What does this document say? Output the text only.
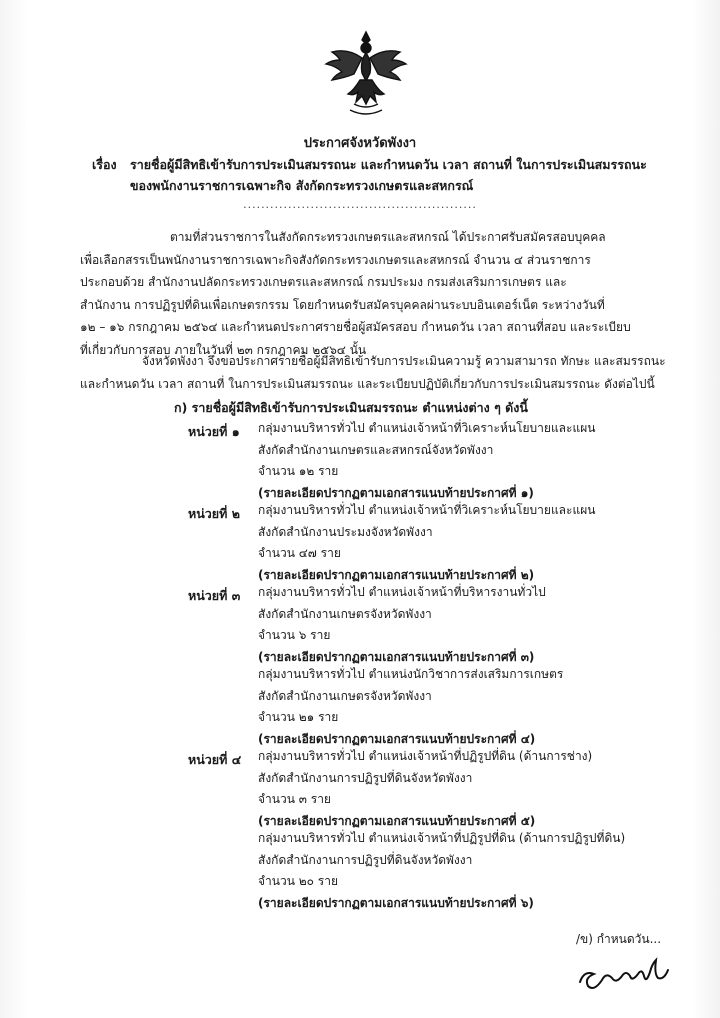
ประกาศจังหวัดพังงา
เรื่อง รายชื่อผู้มีสิทธิเข้ารับการประเมินสมรรถนะ และกำหนดวัน เวลา สถานที่ ในการประเมินสมรรถนะ
ของพนักงานราชการเฉพาะกิจ สังกัดกระทรวงเกษตรและสหกรณ์
....................................................
ตามที่ส่วนราชการในสังกัดกระทรวงเกษตรและสหกรณ์ ได้ประกาศรับสมัครสอบบุคคล
เพื่อเลือกสรรเป็นพนักงานราชการเฉพาะกิจสังกัดกระทรวงเกษตรและสหกรณ์ จำนวน ๔ ส่วนราชการ
ประกอบด้วย สำนักงานปลัดกระทรวงเกษตรและสหกรณ์ กรมประมง กรมส่งเสริมการเกษตร และ
สำนักงาน การปฏิรูปที่ดินเพื่อเกษตรกรรม โดยกำหนดรับสมัครบุคคลผ่านระบบอินเตอร์เน็ต ระหว่างวันที่
๑๒ – ๑๖ กรกฎาคม ๒๕๖๔ และกำหนดประกาศรายชื่อผู้สมัครสอบ กำหนดวัน เวลา สถานที่สอบ และระเบียบ
ที่เกี่ยวกับการสอบ ภายในวันที่ ๒๓ กรกฎาคม ๒๕๖๔ นั้น
จังหวัดพังงา จึงขอประกาศรายชื่อผู้มีสิทธิเข้ารับการประเมินความรู้ ความสามารถ ทักษะ และสมรรถนะ
และกำหนดวัน เวลา สถานที่ ในการประเมินสมรรถนะ และระเบียบปฏิบัติเกี่ยวกับการประเมินสมรรถนะ ดังต่อไปนี้
ก) รายชื่อผู้มีสิทธิเข้ารับการประเมินสมรรถนะ ตำแหน่งต่าง ๆ ดังนี้
หน่วยที่ ๑ กลุ่มงานบริหารทั่วไป ตำแหน่งเจ้าหน้าที่วิเคราะห์นโยบายและแผน
สังกัดสำนักงานเกษตรและสหกรณ์จังหวัดพังงา
จำนวน ๑๒ ราย
(รายละเอียดปรากฏตามเอกสารแนบท้ายประกาศที่ ๑)
หน่วยที่ ๒ กลุ่มงานบริหารทั่วไป ตำแหน่งเจ้าหน้าที่วิเคราะห์นโยบายและแผน
สังกัดสำนักงานประมงจังหวัดพังงา
จำนวน ๔๗ ราย
(รายละเอียดปรากฏตามเอกสารแนบท้ายประกาศที่ ๒)
หน่วยที่ ๓ กลุ่มงานบริหารทั่วไป ตำแหน่งเจ้าหน้าที่บริหารงานทั่วไป
สังกัดสำนักงานเกษตรจังหวัดพังงา
จำนวน ๖ ราย
(รายละเอียดปรากฏตามเอกสารแนบท้ายประกาศที่ ๓)
กลุ่มงานบริหารทั่วไป ตำแหน่งนักวิชาการส่งเสริมการเกษตร
สังกัดสำนักงานเกษตรจังหวัดพังงา
จำนวน ๒๑ ราย
(รายละเอียดปรากฏตามเอกสารแนบท้ายประกาศที่ ๔)
หน่วยที่ ๔ กลุ่มงานบริหารทั่วไป ตำแหน่งเจ้าหน้าที่ปฏิรูปที่ดิน (ด้านการช่าง)
สังกัดสำนักงานการปฏิรูปที่ดินจังหวัดพังงา
จำนวน ๓ ราย
(รายละเอียดปรากฏตามเอกสารแนบท้ายประกาศที่ ๕)
กลุ่มงานบริหารทั่วไป ตำแหน่งเจ้าหน้าที่ปฏิรูปที่ดิน (ด้านการปฏิรูปที่ดิน)
สังกัดสำนักงานการปฏิรูปที่ดินจังหวัดพังงา
จำนวน ๒๐ ราย
(รายละเอียดปรากฏตามเอกสารแนบท้ายประกาศที่ ๖)
/ข) กำหนดวัน...
